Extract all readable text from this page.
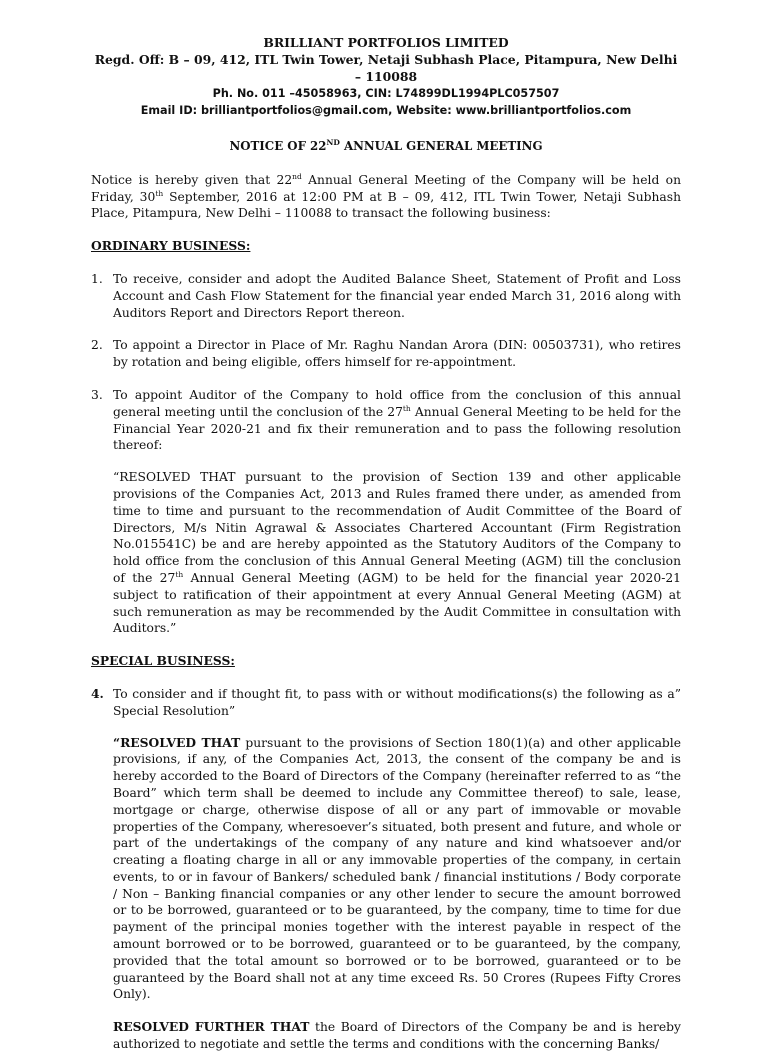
BRILLIANT PORTFOLIOS LIMITED
Regd. Off: B – 09, 412, ITL Twin Tower, Netaji Subhash Place, Pitampura, New Delhi – 110088
Ph. No. 011 –45058963, CIN: L74899DL1994PLC057507
Email ID: brilliantportfolios@gmail.com, Website: www.brilliantportfolios.com
NOTICE OF 22ND ANNUAL GENERAL MEETING

Notice is hereby given that 22nd Annual General Meeting of the Company will be held on Friday, 30th September, 2016 at 12:00 PM at B – 09, 412, ITL Twin Tower, Netaji Subhash Place, Pitampura, New Delhi – 110088 to transact the following business:

ORDINARY BUSINESS:
1. To receive, consider and adopt the Audited Balance Sheet, Statement of Profit and Loss Account and Cash Flow Statement for the financial year ended March 31, 2016 along with Auditors Report and Directors Report thereon.

2. To appoint a Director in Place of Mr. Raghu Nandan Arora (DIN: 00503731), who retires by rotation and being eligible, offers himself for re-appointment.

3. To appoint Auditor of the Company to hold office from the conclusion of this annual general meeting until the conclusion of the 27th Annual General Meeting to be held for the Financial Year 2020-21 and fix their remuneration and to pass the following resolution thereof:

“RESOLVED THAT pursuant to the provision of Section 139 and other applicable provisions of the Companies Act, 2013 and Rules framed there under, as amended from time to time and pursuant to the recommendation of Audit Committee of the Board of Directors, M/s Nitin Agrawal & Associates Chartered Accountant (Firm Registration No.015541C) be and are hereby appointed as the Statutory Auditors of the Company to hold office from the conclusion of this Annual General Meeting (AGM) till the conclusion of the 27th Annual General Meeting (AGM) to be held for the financial year 2020-21 subject to ratification of their appointment at every Annual General Meeting (AGM) at such remuneration as may be recommended by the Audit Committee in consultation with Auditors.”

SPECIAL BUSINESS:
4. To consider and if thought fit, to pass with or without modifications(s) the following as a” Special Resolution”

“RESOLVED THAT pursuant to the provisions of Section 180(1)(a) and other applicable provisions, if any, of the Companies Act, 2013, the consent of the company be and is hereby accorded to the Board of Directors of the Company (hereinafter referred to as “the Board” which term shall be deemed to include any Committee thereof) to sale, lease, mortgage or charge, otherwise dispose of all or any part of immovable or movable properties of the Company, wheresoever’s situated, both present and future, and whole or part of the undertakings of the company of any nature and kind whatsoever and/or creating a floating charge in all or any immovable properties of the company, in certain events, to or in favour of Bankers/ scheduled bank / financial institutions / Body corporate / Non – Banking financial companies or any other lender to secure the amount borrowed or to be borrowed, guaranteed or to be guaranteed, by the company, time to time for due payment of the principal monies together with the interest payable in respect of the amount borrowed or to be borrowed, guaranteed or to be guaranteed, by the company, provided that the total amount so borrowed or to be borrowed, guaranteed or to be guaranteed by the Board shall not at any time exceed Rs. 50 Crores (Rupees Fifty Crores Only).

RESOLVED FURTHER THAT the Board of Directors of the Company be and is hereby authorized to negotiate and settle the terms and conditions with the concerning Banks/
